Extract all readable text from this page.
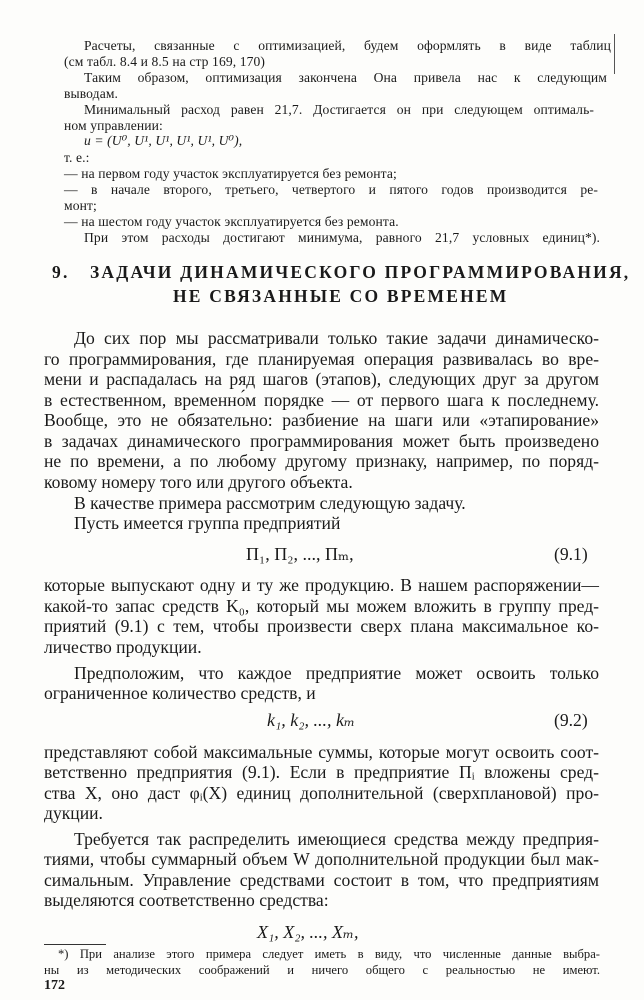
Расчеты, связанные с оптимизацией, будем оформлять в виде таблиц
(см табл. 8.4 и 8.5 на стр 169, 170)
Таким образом, оптимизация закончена Она привела нас к следующим
выводам.
Минимальный расход равен 21,7. Достигается он при следующем оптималь-
ном управлении:
u = (U⁰, U¹, U¹, U¹, U¹, U⁰),
т. е.:
— на первом году участок эксплуатируется без ремонта;
— в начале второго, третьего, четвертого и пятого годов производится ре-
монт;
— на шестом году участок эксплуатируется без ремонта.
При этом расходы достигают минимума, равного 21,7 условных единиц*).
9. ЗАДАЧИ ДИНАМИЧЕСКОГО ПРОГРАММИРОВАНИЯ,
НЕ СВЯЗАННЫЕ СО ВРЕМЕНЕМ
До сих пор мы рассматривали только такие задачи динамическо-
го программирования, где планируемая операция развивалась во вре-
мени и распадалась на ряд шагов (этапов), следующих друг за другом
в естественном, временно́м порядке — от первого шага к последнему.
Вообще, это не обязательно: разбиение на шаги или «этапирование»
в задачах динамического программирования может быть произведено
не по времени, а по любому другому признаку, например, по поряд-
ковому номеру того или другого объекта.
В качестве примера рассмотрим следующую задачу.
Пусть имеется группа предприятий
П₁, П₂, ..., Пₘ,	(9.1)
которые выпускают одну и ту же продукцию. В нашем распоряжении—
какой-то запас средств K₀, который мы можем вложить в группу пред-
приятий (9.1) с тем, чтобы произвести сверх плана максимальное ко-
личество продукции.
Предположим, что каждое предприятие может освоить только
ограниченное количество средств, и
k₁, k₂, ..., kₘ	(9.2)
представляют собой максимальные суммы, которые могут освоить соот-
ветственно предприятия (9.1). Если в предприятие Пᵢ вложены сред-
ства X, оно даст φᵢ(X) единиц дополнительной (сверхплановой) про-
дукции.
Требуется так распределить имеющиеся средства между предприя-
тиями, чтобы суммарный объем W дополнительной продукции был мак-
симальным. Управление средствами состоит в том, что предприятиям
выделяются соответственно средства:
X₁, X₂, ..., Xₘ,
*) При анализе этого примера следует иметь в виду, что численные данные выбра-
ны из методических соображений и ничего общего с реальностью не имеют.
172
